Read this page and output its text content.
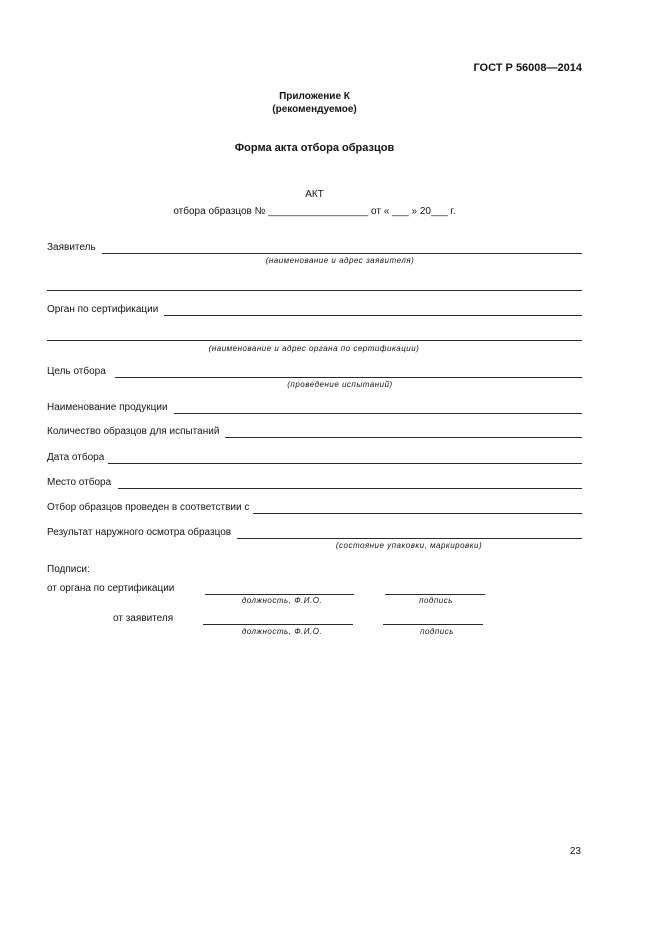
ГОСТ Р 56008—2014
Приложение К
(рекомендуемое)
Форма акта отбора образцов
АКТ
отбора образцов № __________________ от « ___ » 20___ г.
Заявитель
(наименование и адрес заявителя)
Орган по сертификации
(наименование и адрес органа по сертификации)
Цель отбора
(проведение испытаний)
Наименование продукции
Количество образцов для испытаний
Дата отбора
Место отбора
Отбор образцов проведен в соответствии с
Результат наружного осмотра образцов
(состояние упаковки, маркировки)
Подписи:
от органа по сертификации
должность, Ф.И.О.	подпись
от заявителя
должность, Ф.И.О.	подпись
23
